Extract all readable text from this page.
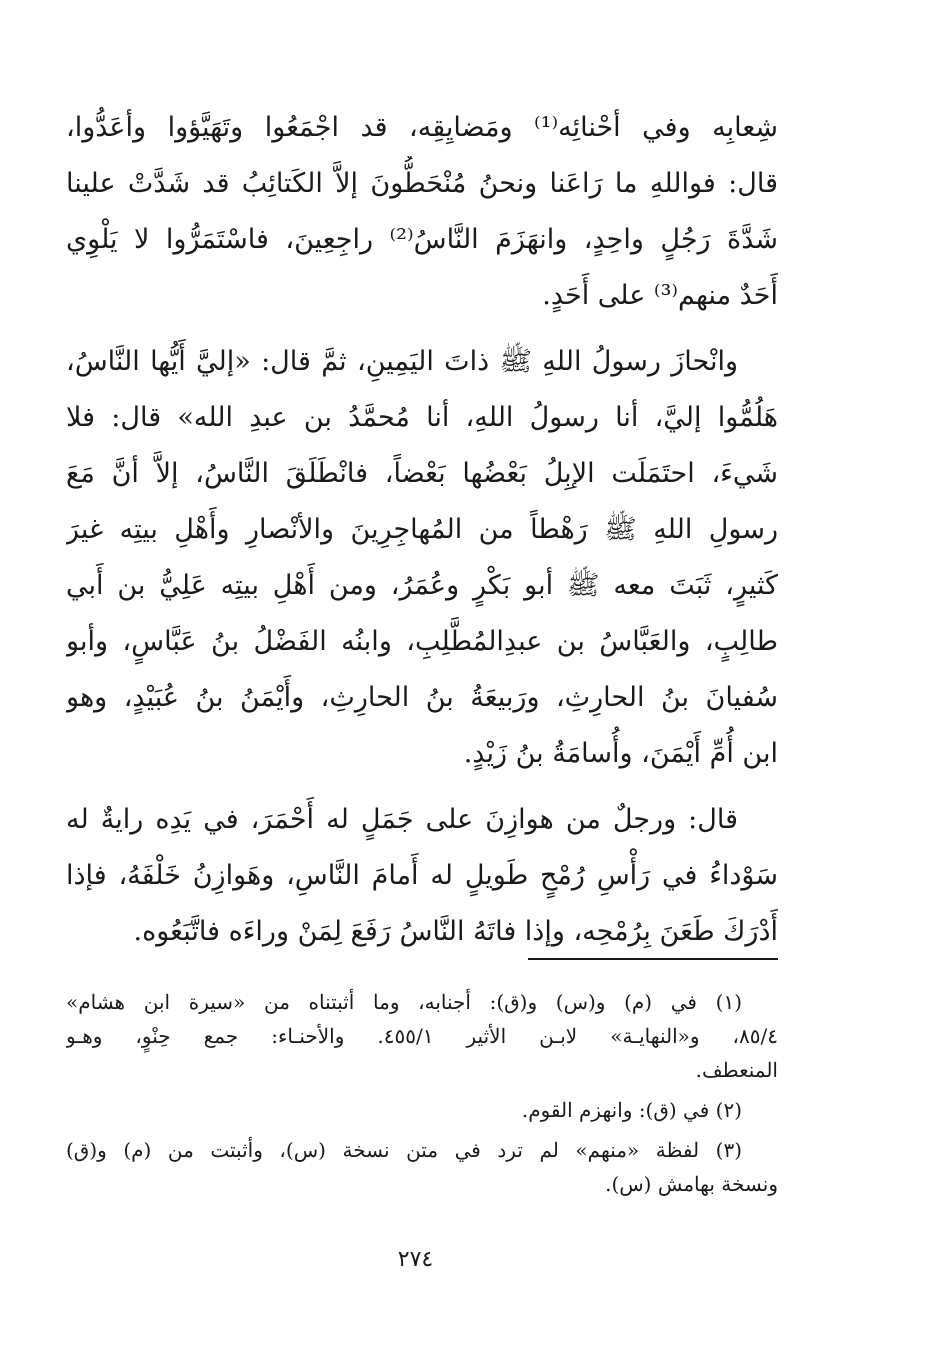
شِعابِه وفي أحْنائِه⁽¹⁾ ومَضايِقِه، قد اجْمَعُوا وتَهَيَّؤوا وأعَدُّوا،
قال: فواللهِ ما رَاعَنا ونحنُ مُنْحَطُّونَ إلاَّ الكَتائِبُ قد شَدَّتْ علينا
شَدَّةَ رَجُلٍ واحِدٍ، وانهَزَمَ النَّاسُ⁽²⁾ راجِعِينَ، فاسْتَمَرُّوا لا يَلْوِي
أَحَدٌ منهم⁽³⁾ على أَحَدٍ.
وانْحازَ رسولُ اللهِ ﷺ ذاتَ اليَمِينِ، ثمَّ قال: «إليَّ أَيُّها النَّاسُ،
هَلُمُّوا إليَّ، أنا رسولُ اللهِ، أنا مُحمَّدُ بن عبدِ الله» قال: فلا
شَيءَ، احتَمَلَت الإبِلُ بَعْضُها بَعْضاً، فانْطَلَقَ النَّاسُ، إلاَّ أنَّ مَعَ
رسولِ اللهِ ﷺ رَهْطاً من المُهاجِرِينَ والأنْصارِ وأَهْلِ بيتِه غيرَ
كَثيرٍ، ثَبَتَ معه ﷺ أبو بَكْرٍ وعُمَرُ، ومن أَهْلِ بيتِه عَلِيُّ بن أَبي
طالِبٍ، والعَبَّاسُ بن عبدِالمُطَّلِبِ، وابنُه الفَضْلُ بنُ عَبَّاسٍ، وأبو
سُفيانَ بنُ الحارِثِ، ورَبيعَةُ بنُ الحارِثِ، وأَيْمَنُ بنُ عُبَيْدٍ، وهو
ابن أُمِّ أَيْمَنَ، وأُسامَةُ بنُ زَيْدٍ.
قال: ورجلٌ من هوازِنَ على جَمَلٍ له أَحْمَرَ، في يَدِه رايةٌ له
سَوْداءُ في رَأْسِ رُمْحٍ طَويلٍ له أَمامَ النَّاسِ، وهَوازِنُ خَلْفَهُ، فإذا
أَدْرَكَ طَعَنَ بِرُمْحِه، وإذا فاتَهُ النَّاسُ رَفَعَ لِمَنْ وراءَه فاتَّبَعُوه.
(١) في (م) و(س) و(ق): أجنابه، وما أثبتناه من «سيرة ابن هشام»
٨٥/٤، و«النهايـة» لابـن الأثير ٤٥٥/١. والأحنـاء: جمع حِنْوٍ، وهـو
المنعطف.
(٢) في (ق): وانهزم القوم.
(٣) لفظة «منهم» لم ترد في متن نسخة (س)، وأثبتت من (م) و(ق)
ونسخة بهامش (س).
٢٧٤
